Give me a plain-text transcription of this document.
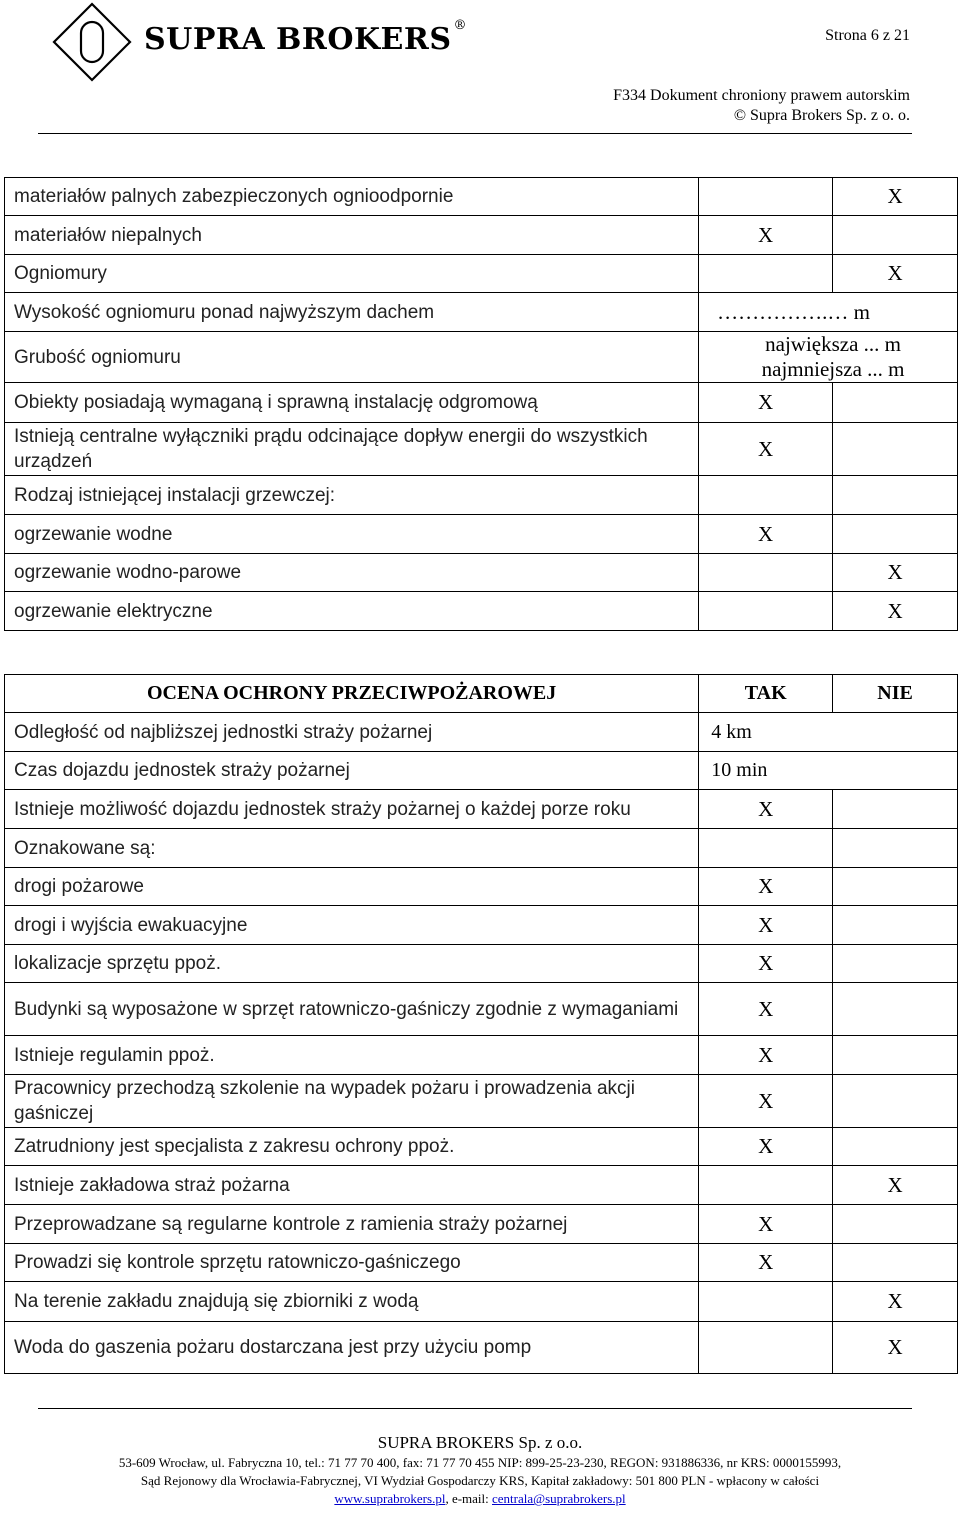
SUPRA BROKERS ®
Strona 6 z 21
F334 Dokument chroniony prawem autorskim
© Supra Brokers Sp. z o. o.
materiałów palnych zabezpieczonych ognioodpornie		X
materiałów niepalnych	X	
Ogniomury		X
Wysokość ogniomuru ponad najwyższym dachem	…………….… m	
Grubość ogniomuru	największa ... m
najmniejsza ... m	

Obiekty posiadają wymaganą i sprawną instalację odgromową	X	
Istnieją centralne wyłączniki prądu odcinające dopływ energii do wszystkich urządzeń	X	
Rodzaj istniejącej instalacji grzewczej:		
ogrzewanie wodne	X	
ogrzewanie wodno-parowe		X
ogrzewanie elektryczne		X
OCENA OCHRONY PRZECIWPOŻAROWEJ	TAK	NIE
Odległość od najbliższej jednostki straży pożarnej	4 km	
Czas dojazdu jednostek straży pożarnej	10 min	
Istnieje możliwość dojazdu jednostek straży pożarnej o każdej porze roku	X	
Oznakowane są:		
drogi pożarowe	X	
drogi i wyjścia ewakuacyjne	X	
lokalizacje sprzętu ppoż.	X	
Budynki są wyposażone w sprzęt ratowniczo-gaśniczy zgodnie z wymaganiami	X	
Istnieje regulamin ppoż.	X	
Pracownicy przechodzą szkolenie na wypadek pożaru i prowadzenia akcji gaśniczej	X	
Zatrudniony jest specjalista z zakresu ochrony ppoż.	X	
Istnieje zakładowa straż pożarna		X
Przeprowadzane są regularne kontrole z ramienia straży pożarnej	X	
Prowadzi się kontrole sprzętu ratowniczo-gaśniczego	X	
Na terenie zakładu znajdują się zbiorniki z wodą		X
Woda do gaszenia pożaru dostarczana jest przy użyciu pomp		X
SUPRA BROKERS Sp. z o.o.
53-609 Wrocław, ul. Fabryczna 10, tel.: 71 77 70 400, fax: 71 77 70 455 NIP: 899-25-23-230, REGON: 931886336, nr KRS: 0000155993,
Sąd Rejonowy dla Wrocławia-Fabrycznej, VI Wydział Gospodarczy KRS, Kapitał zakładowy: 501 800 PLN - wpłacony w całości
www.suprabrokers.pl, e-mail: centrala@suprabrokers.pl
